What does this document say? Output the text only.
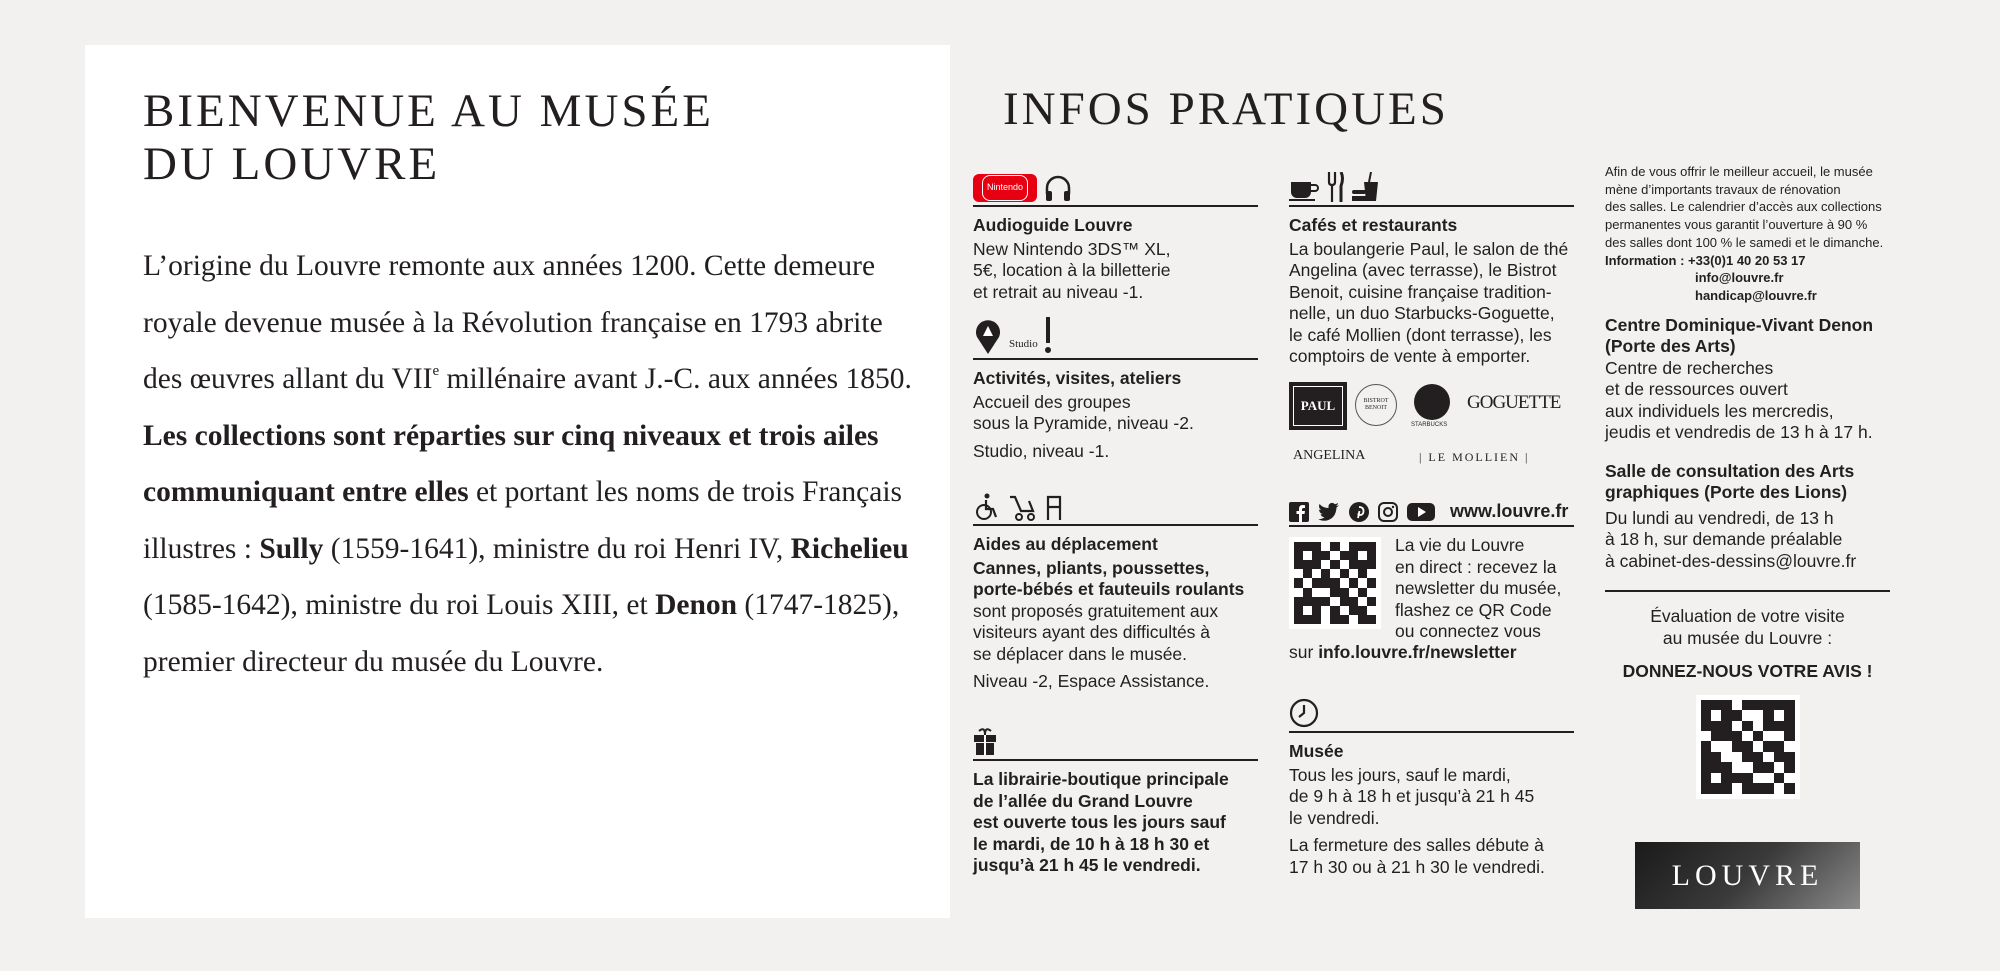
BIENVENUE AU MUSÉE
DU LOUVRE

L’origine du Louvre remonte aux années 1200. Cette demeure royale devenue musée à la Révolution française en 1793 abrite des œuvres allant du VIIe millénaire avant J.-C. aux années 1850. Les collections sont réparties sur cinq niveaux et trois ailes communiquant entre elles et portant les noms de trois Français illustres : Sully (1559-1641), ministre du roi Henri IV, Richelieu (1585-1642), ministre du roi Louis XIII, et Denon (1747-1825), premier directeur du musée du Louvre.

INFOS PRATIQUES
Nintendo
Audioguide Louvre

New Nintendo 3DS™ XL,
5€, location à la billetterie
et retrait au niveau -1.

Studio
Activités, visites, ateliers

Accueil des groupes
sous la Pyramide, niveau -2.

Studio, niveau -1.

Aides au déplacement

Cannes, pliants, poussettes,
porte-bébés et fauteuils roulants
sont proposés gratuitement aux
visiteurs ayant des difficultés à
se déplacer dans le musée.

Niveau -2, Espace Assistance.

La librairie-boutique principale
de l’allée du Grand Louvre
est ouverte tous les jours sauf
le mardi, de 10 h à 18 h 30 et
jusqu’à 21 h 45 le vendredi.

Cafés et restaurants

La boulangerie Paul, le salon de thé
Angelina (avec terrasse), le Bistrot
Benoit, cuisine française tradition-
nelle, un duo Starbucks-Goguette,
le café Mollien (dont terrasse), les
comptoirs de vente à emporter.

PAUL	BISTROT BENOIT
STARBUCKS
GOGUETTE
ANGELINA	| LE MOLLIEN |
www.louvre.fr

La vie du Louvre
en direct : recevez la
newsletter du musée,
flashez ce QR Code
ou connectez vous

sur info.louvre.fr/newsletter

Musée

Tous les jours, sauf le mardi,
de 9 h à 18 h et jusqu’à 21 h 45
le vendredi.

La fermeture des salles débute à
17 h 30 ou à 21 h 30 le vendredi.

Afin de vous offrir le meilleur accueil, le musée
mène d’importants travaux de rénovation
des salles. Le calendrier d’accès aux collections
permanentes vous garantit l’ouverture à 90 %
des salles dont 100 % le samedi et le dimanche.

Information : +33(0)1 40 20 53 17
info@louvre.fr
handicap@louvre.fr
Centre Dominique-Vivant Denon
(Porte des Arts)
Centre de recherches
et de ressources ouvert
aux individuels les mercredis,
jeudis et vendredis de 13 h à 17 h.
Salle de consultation des Arts
graphiques (Porte des Lions)
Du lundi au vendredi, de 13 h
à 18 h, sur demande préalable
à cabinet-des-dessins@louvre.fr
Évaluation de votre visite
au musée du Louvre :
DONNEZ-NOUS VOTRE AVIS !
LOUVRE
